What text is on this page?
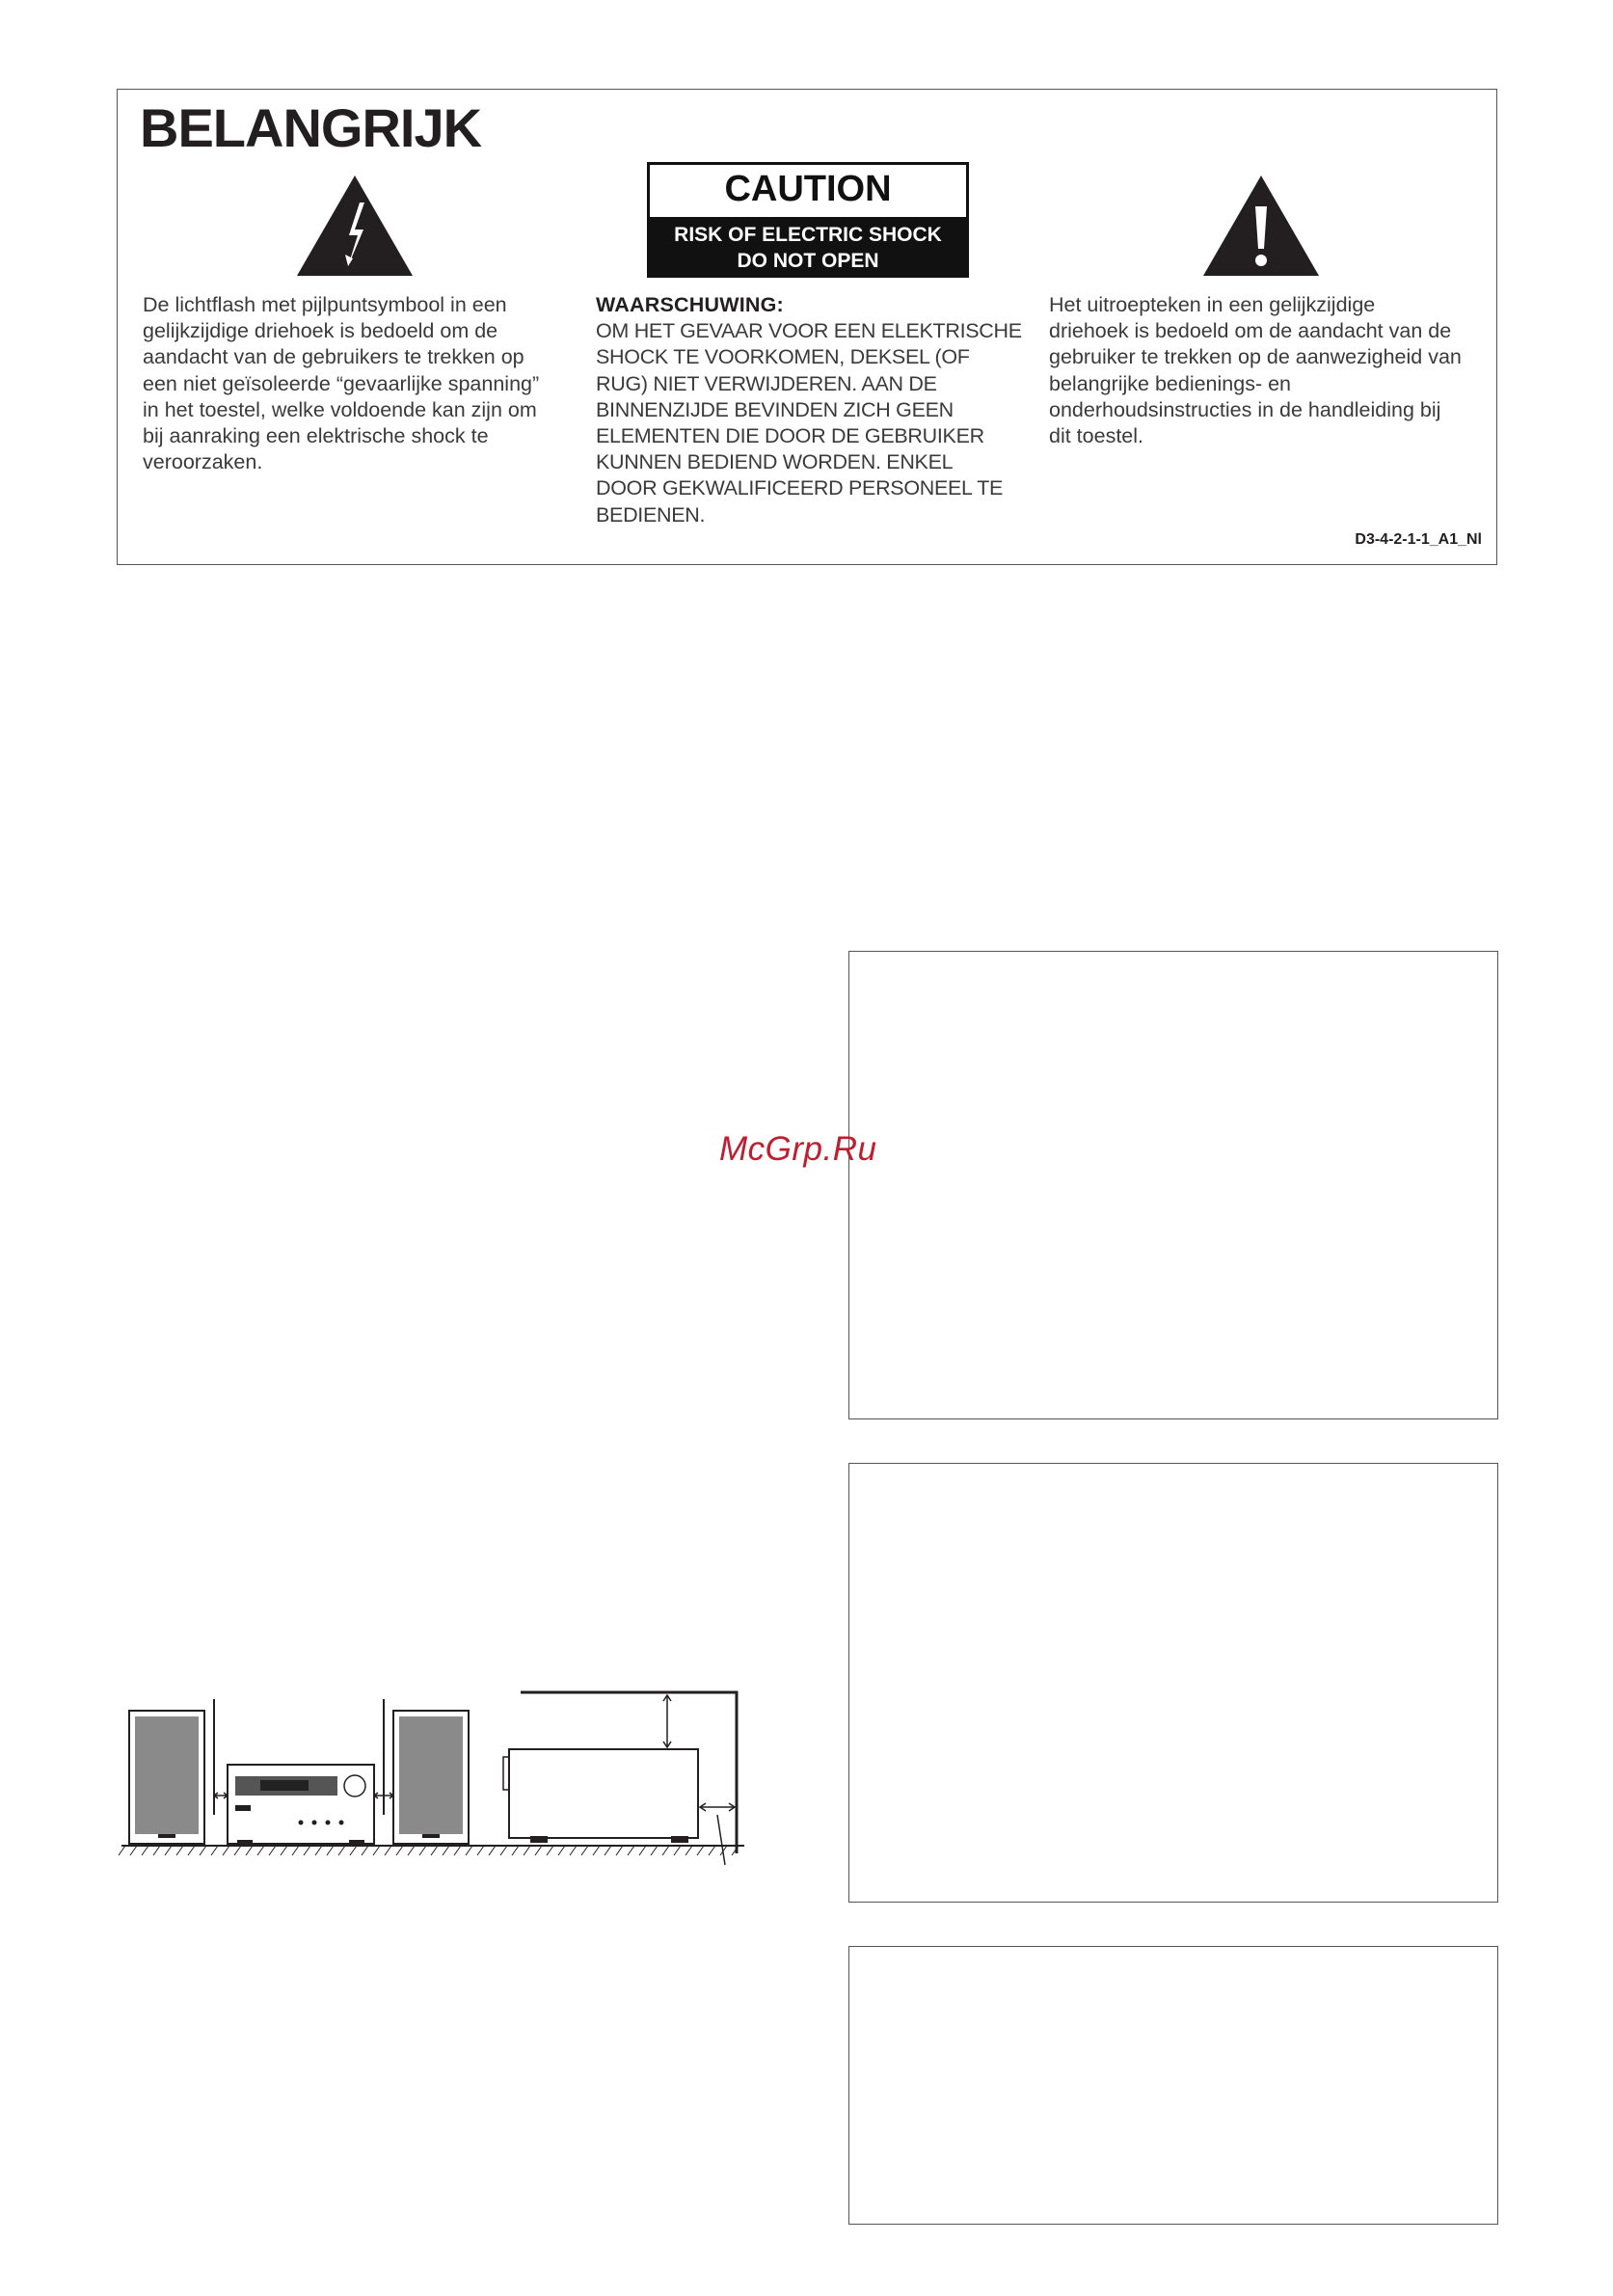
BELANGRIJK
CAUTION
RISK OF ELECTRIC SHOCK
DO NOT OPEN
De lichtflash met pijlpuntsymbool in een
gelijkzijdige driehoek is bedoeld om de
aandacht van de gebruikers te trekken op
een niet geïsoleerde “gevaarlijke spanning”
in het toestel, welke voldoende kan zijn om
bij aanraking een elektrische shock te
veroorzaken.
WAARSCHUWING:
OM HET GEVAAR VOOR EEN ELEKTRISCHE
SHOCK TE VOORKOMEN, DEKSEL (OF
RUG) NIET VERWIJDEREN. AAN DE
BINNENZIJDE BEVINDEN ZICH GEEN
ELEMENTEN DIE DOOR DE GEBRUIKER
KUNNEN BEDIEND WORDEN. ENKEL
DOOR GEKWALIFICEERD PERSONEEL TE
BEDIENEN.
Het uitroepteken in een gelijkzijdige
driehoek is bedoeld om de aandacht van de
gebruiker te trekken op de aanwezigheid van
belangrijke bedienings- en
onderhoudsinstructies in de handleiding bij
dit toestel.
D3-4-2-1-1_A1_Nl
McGrp.Ru
